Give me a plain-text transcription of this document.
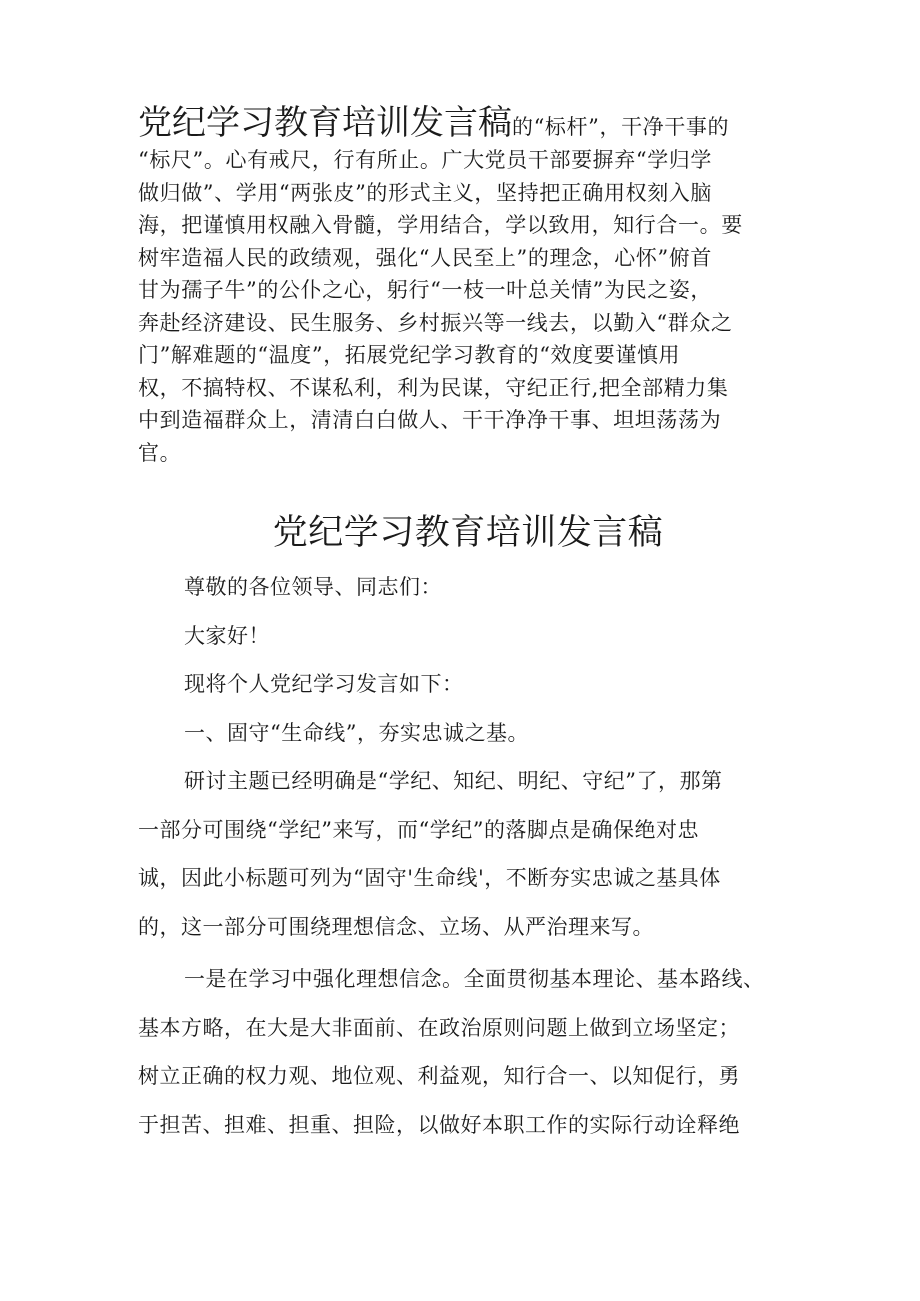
党纪学习教育培训发言稿的“标杆”，干净干事的
“标尺”。心有戒尺，行有所止。广大党员干部要摒弃“学归学
做归做”、学用“两张皮”的形式主义，坚持把正确用权刻入脑
海，把谨慎用权融入骨髓，学用结合，学以致用，知行合一。要
树牢造福人民的政绩观，强化“人民至上”的理念，心怀”俯首
甘为孺子牛”的公仆之心，躬行“一枝一叶总关情”为民之姿，
奔赴经济建设、民生服务、乡村振兴等一线去，以勤入“群众之
门”解难题的“温度”，拓展党纪学习教育的“效度要谨慎用
权，不搞特权、不谋私利，利为民谋，守纪正行,把全部精力集
中到造福群众上，清清白白做人、干干净净干事、坦坦荡荡为
官。
党纪学习教育培训发言稿
尊敬的各位领导、同志们：
大家好！
现将个人党纪学习发言如下：
一、固守“生命线”，夯实忠诚之基。
研讨主题已经明确是“学纪、知纪、明纪、守纪”了，那第
一部分可围绕“学纪”来写，而“学纪”的落脚点是确保绝对忠
诚，因此小标题可列为“固守'生命线'，不断夯实忠诚之基具体
的，这一部分可围绕理想信念、立场、从严治理来写。
一是在学习中强化理想信念。全面贯彻基本理论、基本路线、
基本方略，在大是大非面前、在政治原则问题上做到立场坚定；
树立正确的权力观、地位观、利益观，知行合一、以知促行，勇
于担苦、担难、担重、担险，以做好本职工作的实际行动诠释绝
